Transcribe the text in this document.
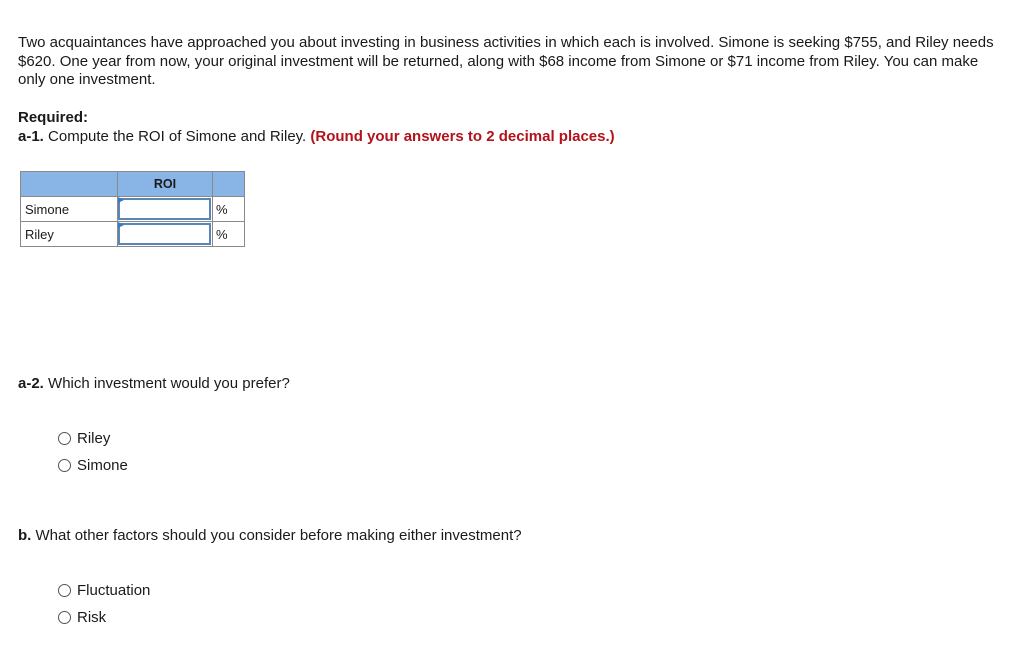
Two acquaintances have approached you about investing in business activities in which each is involved. Simone is seeking $755, and Riley needs $620. One year from now, your original investment will be returned, along with $68 income from Simone or $71 income from Riley. You can make only one investment.

Required:
a-1. Compute the ROI of Simone and Riley. (Round your answers to 2 decimal places.)
	ROI	
Simone		%
Riley		%
a-2. Which investment would you prefer?
Riley
Simone
b. What other factors should you consider before making either investment?
Fluctuation
Risk
